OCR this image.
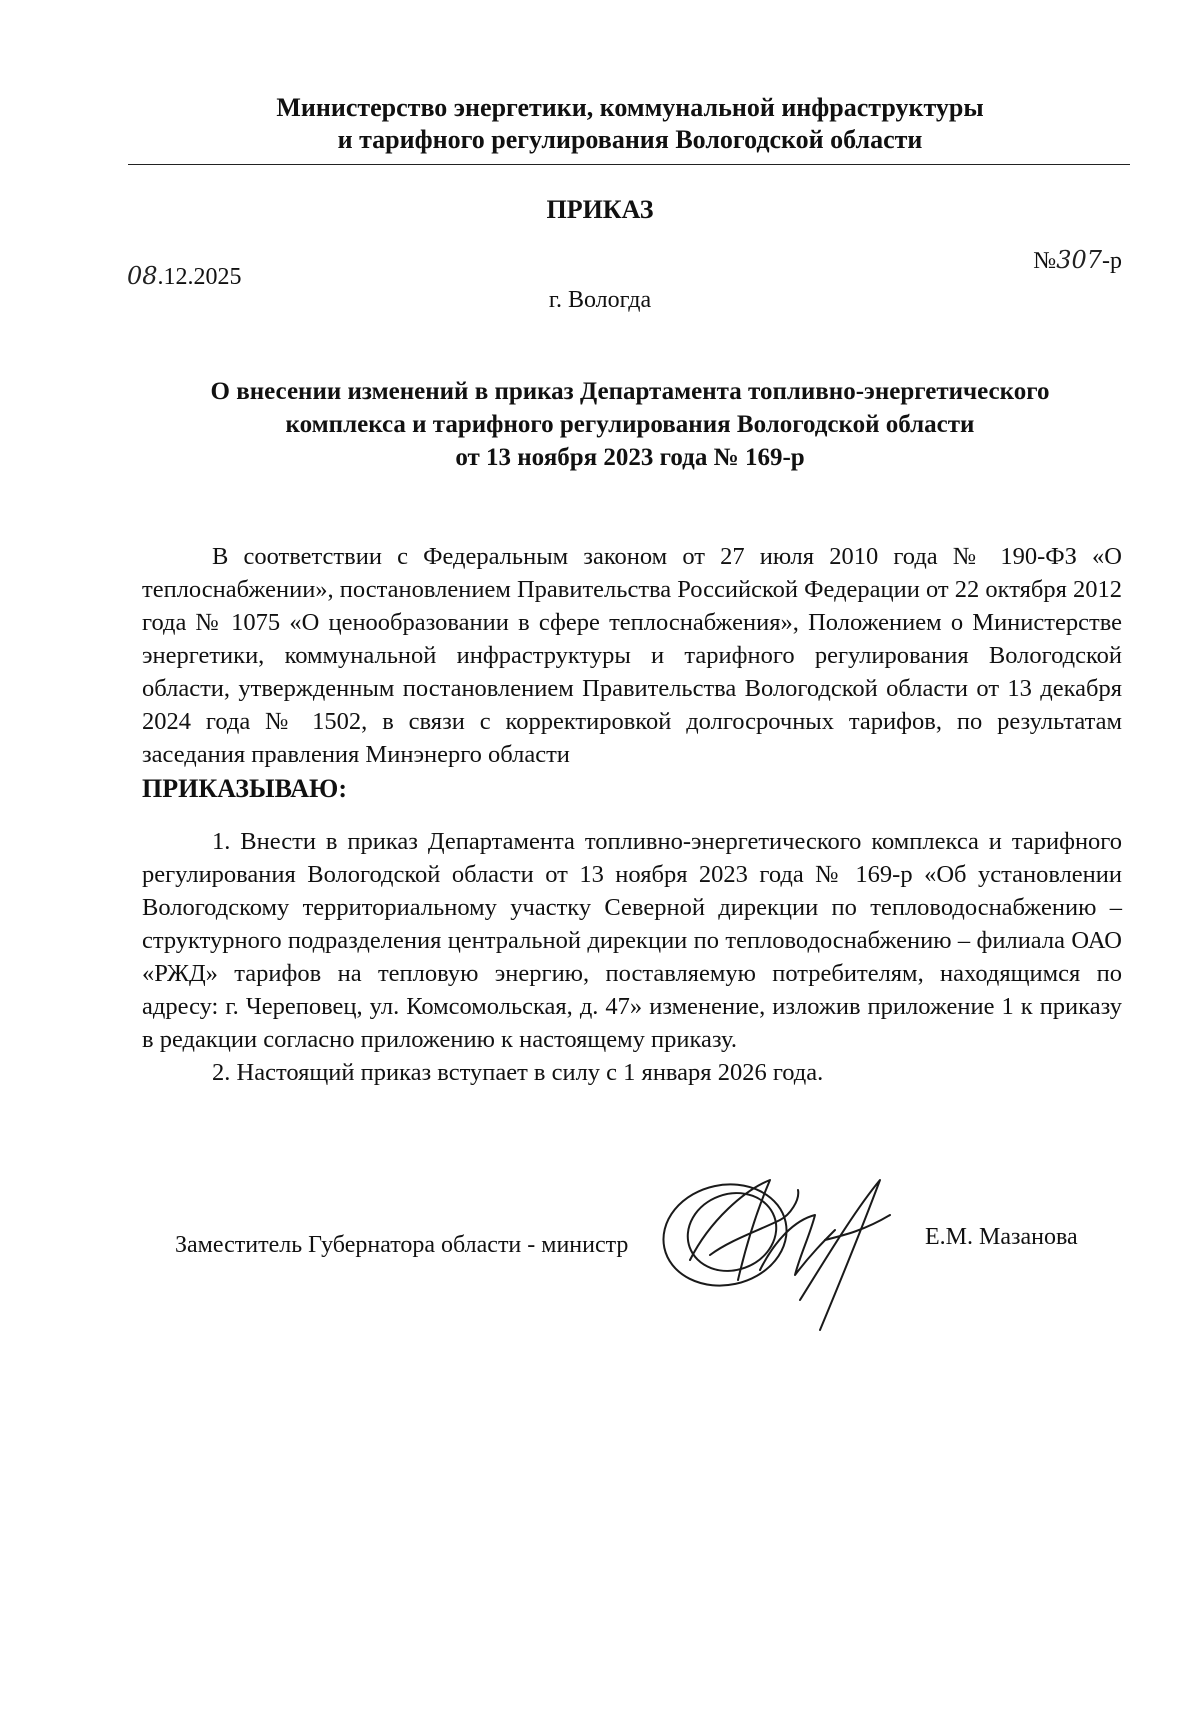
Министерство энергетики, коммунальной инфраструктуры
и тарифного регулирования Вологодской области
ПРИКАЗ
08.12.2025
№307-р
г. Вологда
О внесении изменений в приказ Департамента топливно-энергетического
комплекса и тарифного регулирования Вологодской области
от 13 ноября 2023 года № 169-р

В соответствии с Федеральным законом от 27 июля 2010 года № 190-ФЗ «О теплоснабжении», постановлением Правительства Российской Федерации от 22 октября 2012 года № 1075 «О ценообразовании в сфере теплоснабжения», Положением о Министерстве энергетики, коммунальной инфраструктуры и тарифного регулирования Вологодской области, утвержденным постановлением Правительства Вологодской области от 13 декабря 2024 года № 1502, в связи с корректировкой долгосрочных тарифов, по результатам заседания правления Минэнерго области

ПРИКАЗЫВАЮ:

1. Внести в приказ Департамента топливно-энергетического комплекса и тарифного регулирования Вологодской области от 13 ноября 2023 года № 169-р «Об установлении Вологодскому территориальному участку Северной дирекции по тепловодоснабжению – структурного подразделения центральной дирекции по тепловодоснабжению – филиала ОАО «РЖД» тарифов на тепловую энергию, поставляемую потребителям, находящимся по адресу: г. Череповец, ул. Комсомольская, д. 47» изменение, изложив приложение 1 к приказу в редакции согласно приложению к настоящему приказу.

2. Настоящий приказ вступает в силу с 1 января 2026 года.

Заместитель Губернатора области - министр	Е.М. Мазанова
